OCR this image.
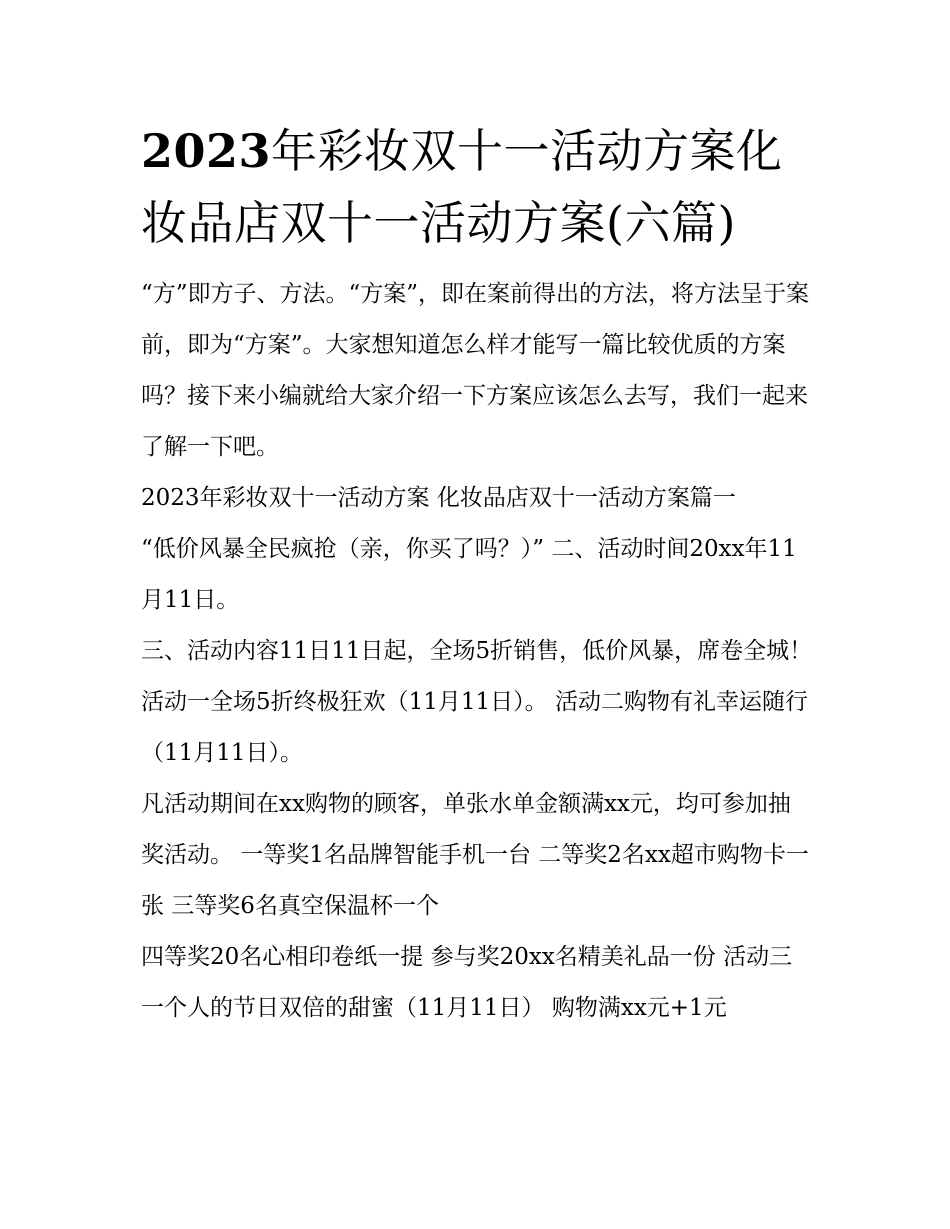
2023年彩妆双十一活动方案化妆品店双十一活动方案(六篇)

“方”即方子、方法。“方案”，即在案前得出的方法，将方法呈于案前，即为“方案”。大家想知道怎么样才能写一篇比较优质的方案吗？接下来小编就给大家介绍一下方案应该怎么去写，我们一起来了解一下吧。

2023年彩妆双十一活动方案 化妆品店双十一活动方案篇一

“低价风暴全民疯抢（亲，你买了吗？）” 二、活动时间20xx年11月11日。

三、活动内容11日11日起，全场5折销售，低价风暴，席卷全城！ 活动一全场5折终极狂欢（11月11日）。 活动二购物有礼幸运随行（11月11日）。

凡活动期间在xx购物的顾客，单张水单金额满xx元，均可参加抽奖活动。 一等奖1名品牌智能手机一台 二等奖2名xx超市购物卡一张 三等奖6名真空保温杯一个

四等奖20名心相印卷纸一提 参与奖20xx名精美礼品一份 活动三一个人的节日双倍的甜蜜（11月11日） 购物满xx元+1元
